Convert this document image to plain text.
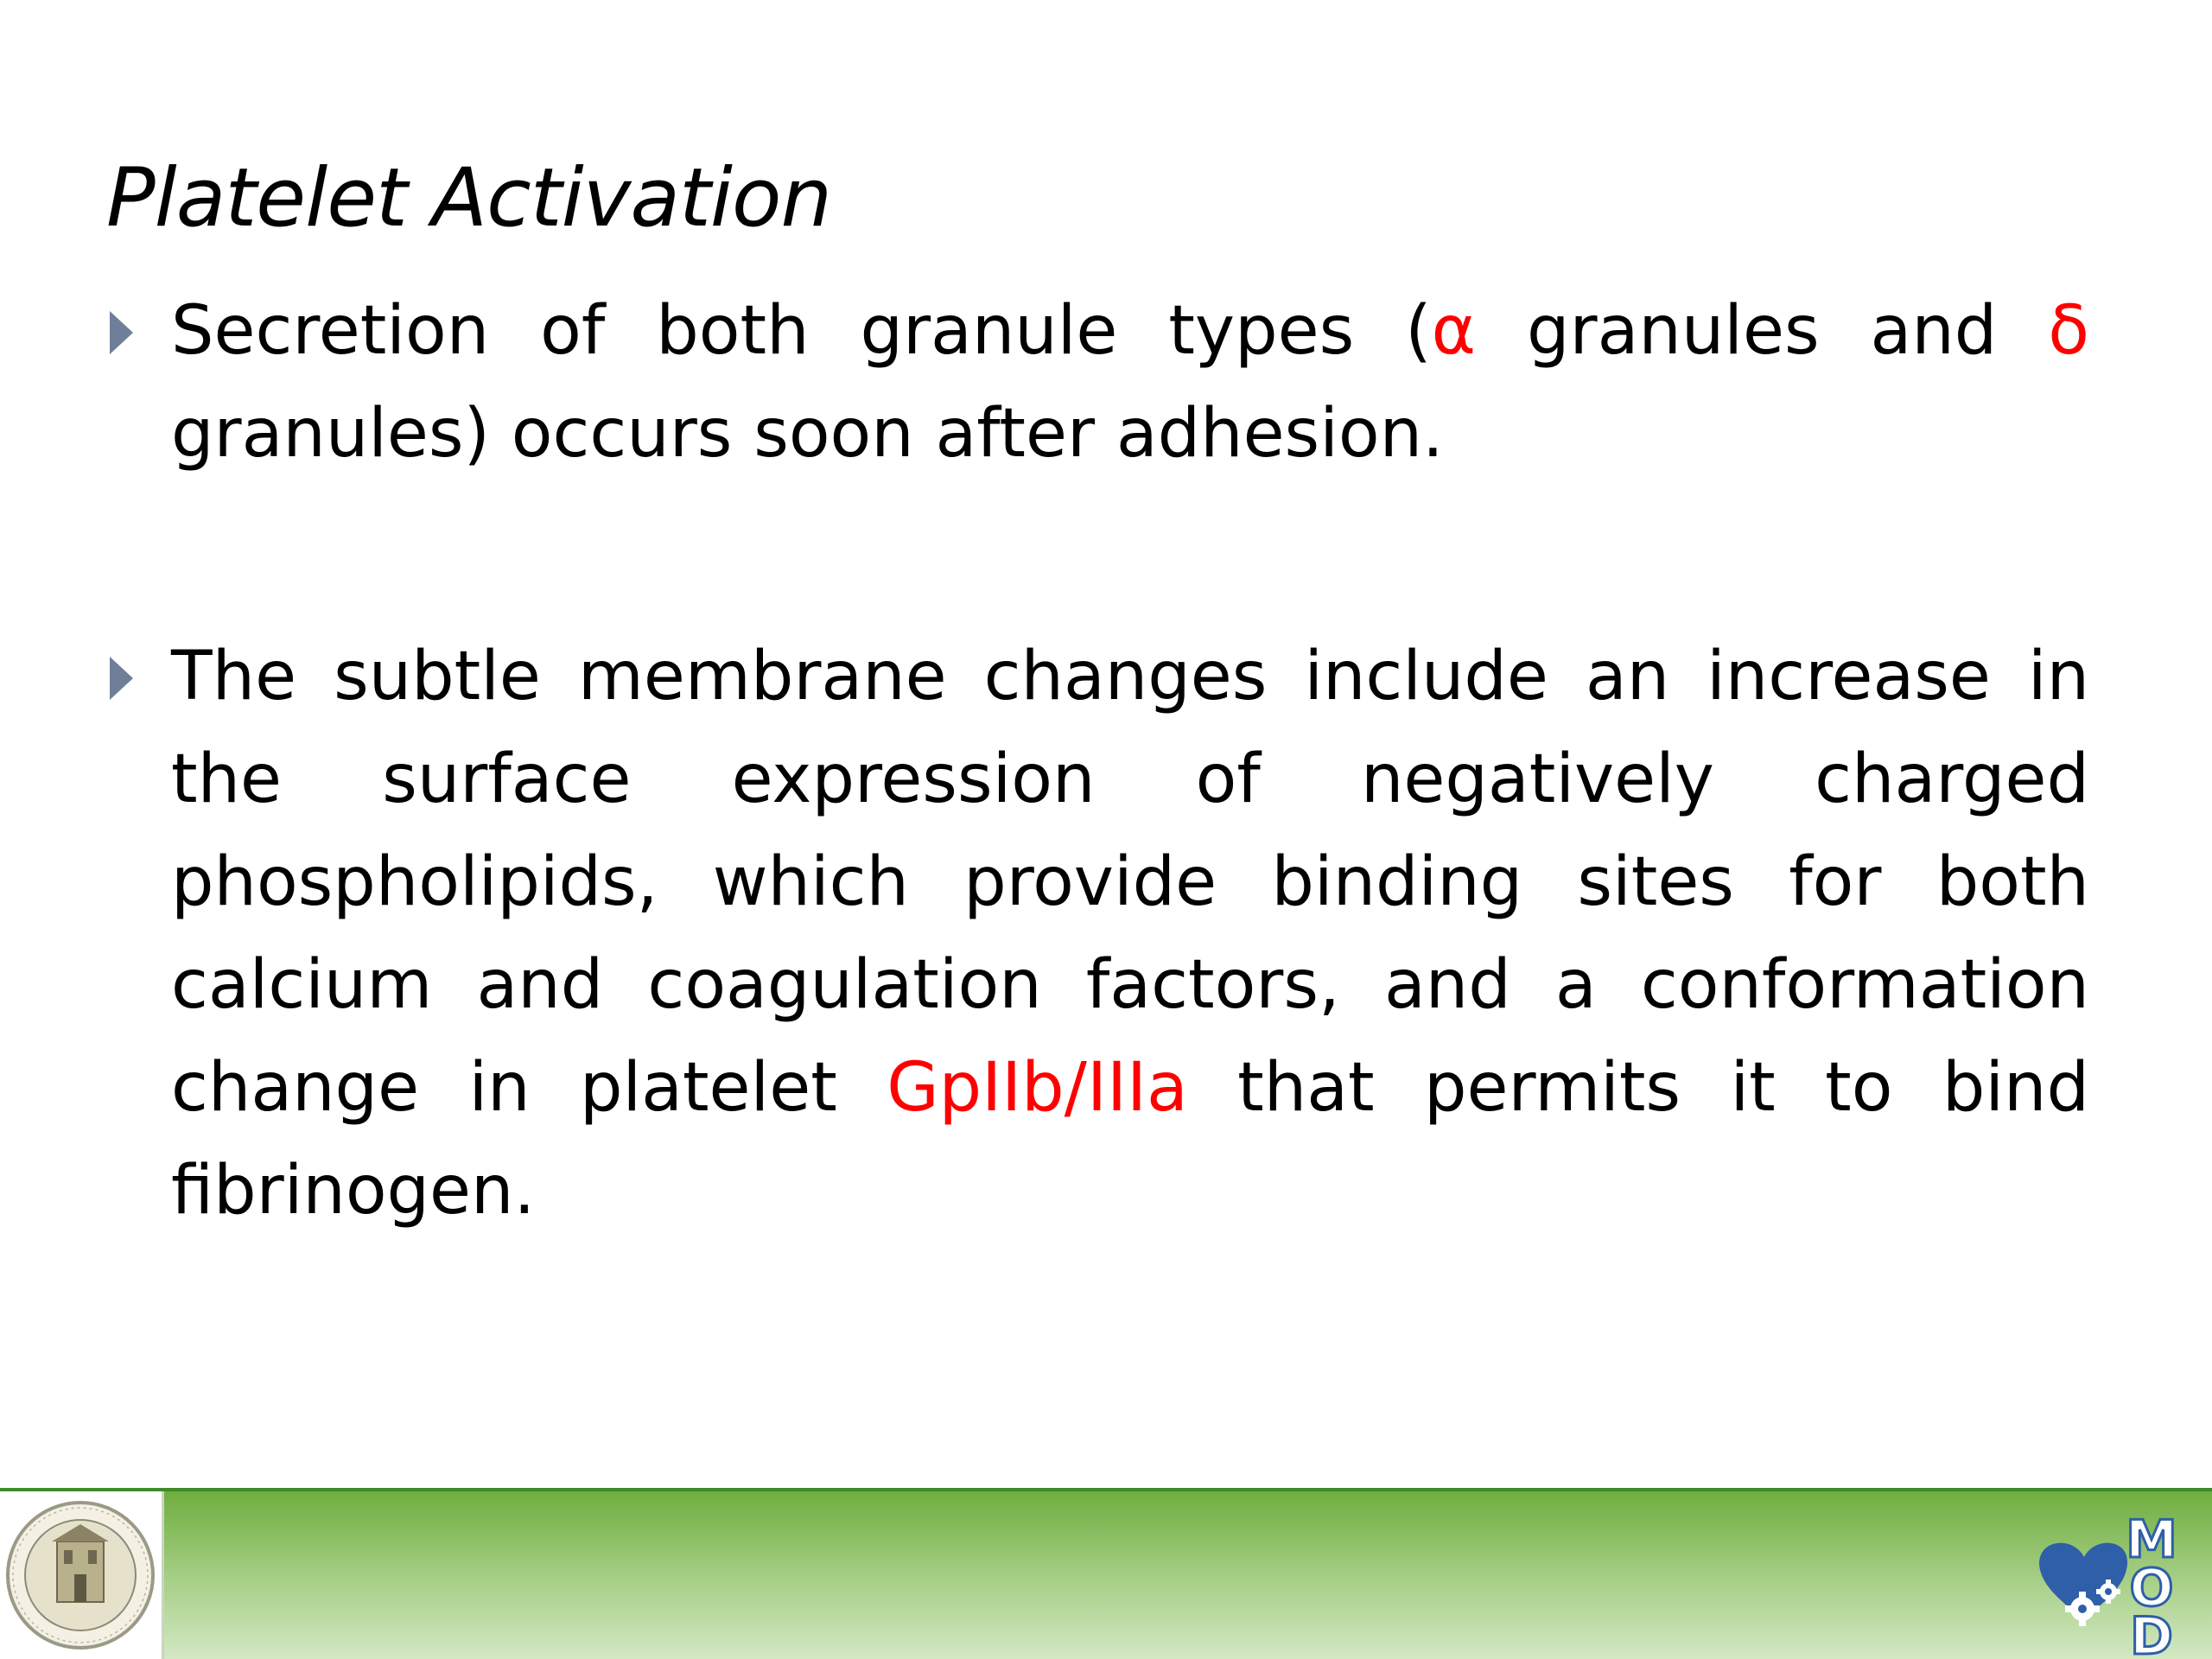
Platelet Activation

Secretion of both granule types (α granules and δ granules) occurs soon after adhesion.

The subtle membrane changes include an increase in the surface expression of negatively charged phospholipids, which provide binding sites for both calcium and coagulation factors, and a conformation change in platelet GpIIb/IIIa that permits it to bind fibrinogen.

M
O
D
